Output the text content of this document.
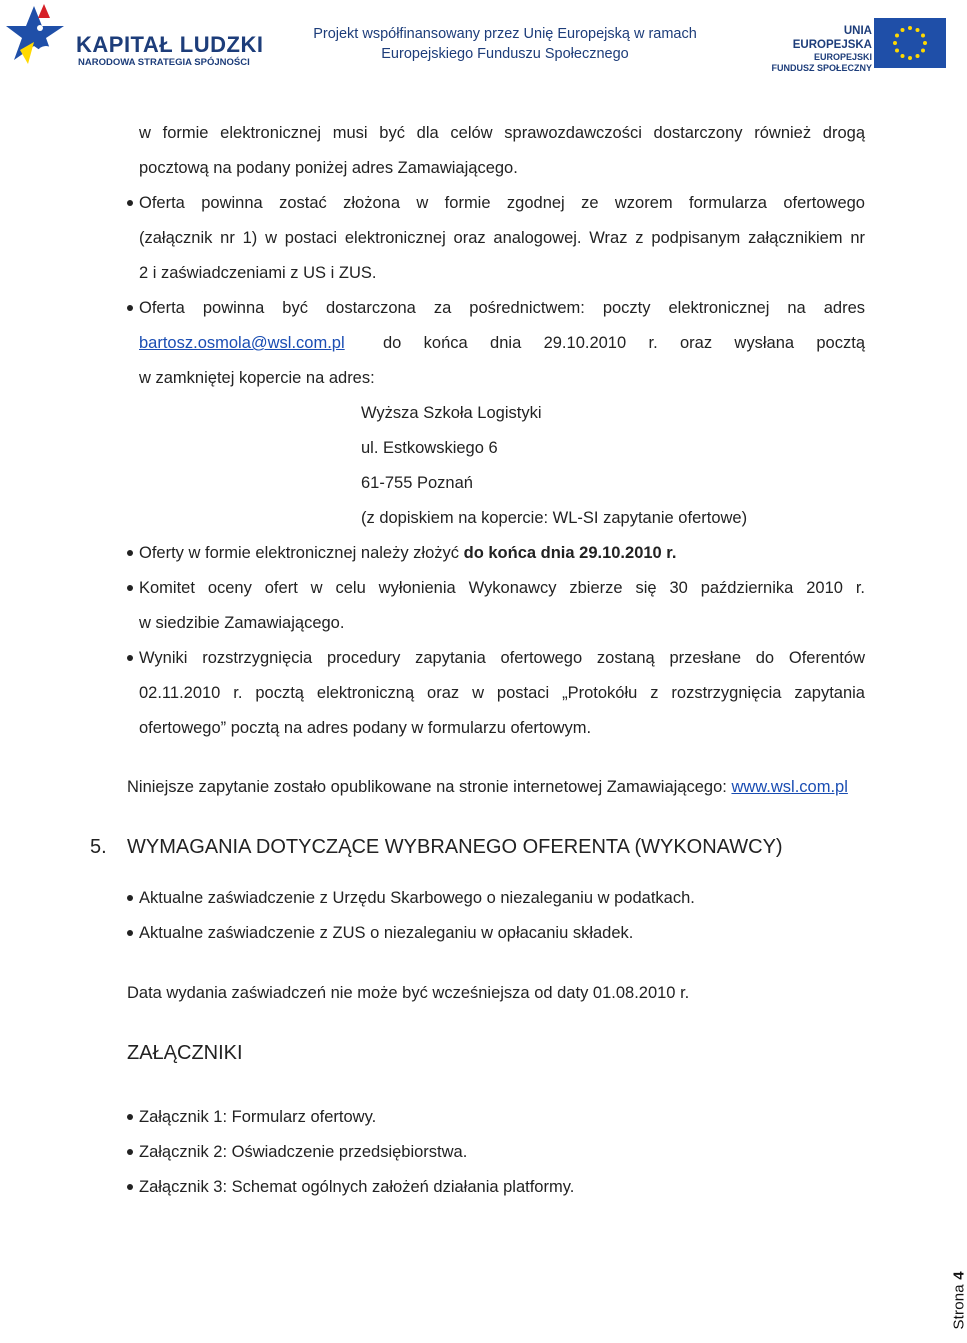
KAPITAŁ LUDZKI
NARODOWA STRATEGIA SPÓJNOŚCI
Projekt współfinansowany przez Unię Europejską w ramach
Europejskiego Funduszu Społecznego
UNIA EUROPEJSKA
EUROPEJSKI
FUNDUSZ SPOŁECZNY
w formie elektronicznej musi być dla celów sprawozdawczości dostarczony również drogą
pocztową na podany poniżej adres Zamawiającego.
Oferta powinna zostać złożona w formie zgodnej ze wzorem formularza ofertowego
(załącznik nr 1) w postaci elektronicznej oraz analogowej. Wraz z podpisanym załącznikiem nr
2 i zaświadczeniami z US i ZUS.
Oferta powinna być dostarczona za pośrednictwem: poczty elektronicznej na adres
bartosz.osmola@wsl.com.pl do końca dnia 29.10.2010 r. oraz wysłana pocztą
w zamkniętej kopercie na adres:
Wyższa Szkoła Logistyki
ul. Estkowskiego 6
61-755 Poznań
(z dopiskiem na kopercie: WL-SI zapytanie ofertowe)
Oferty w formie elektronicznej należy złożyć do końca dnia 29.10.2010 r.
Komitet oceny ofert w celu wyłonienia Wykonawcy zbierze się 30 października 2010 r.
w siedzibie Zamawiającego.
Wyniki rozstrzygnięcia procedury zapytania ofertowego zostaną przesłane do Oferentów
02.11.2010 r. pocztą elektroniczną oraz w postaci „Protokółu z rozstrzygnięcia zapytania
ofertowego” pocztą na adres podany w formularzu ofertowym.
Niniejsze zapytanie zostało opublikowane na stronie internetowej Zamawiającego: www.wsl.com.pl
5. WYMAGANIA DOTYCZĄCE WYBRANEGO OFERENTA (WYKONAWCY)
Aktualne zaświadczenie z Urzędu Skarbowego o niezaleganiu w podatkach.
Aktualne zaświadczenie z ZUS o niezaleganiu w opłacaniu składek.
Data wydania zaświadczeń nie może być wcześniejsza od daty 01.08.2010 r.
ZAŁĄCZNIKI
Załącznik 1: Formularz ofertowy.
Załącznik 2: Oświadczenie przedsiębiorstwa.
Załącznik 3: Schemat ogólnych założeń działania platformy.
Strona 4
